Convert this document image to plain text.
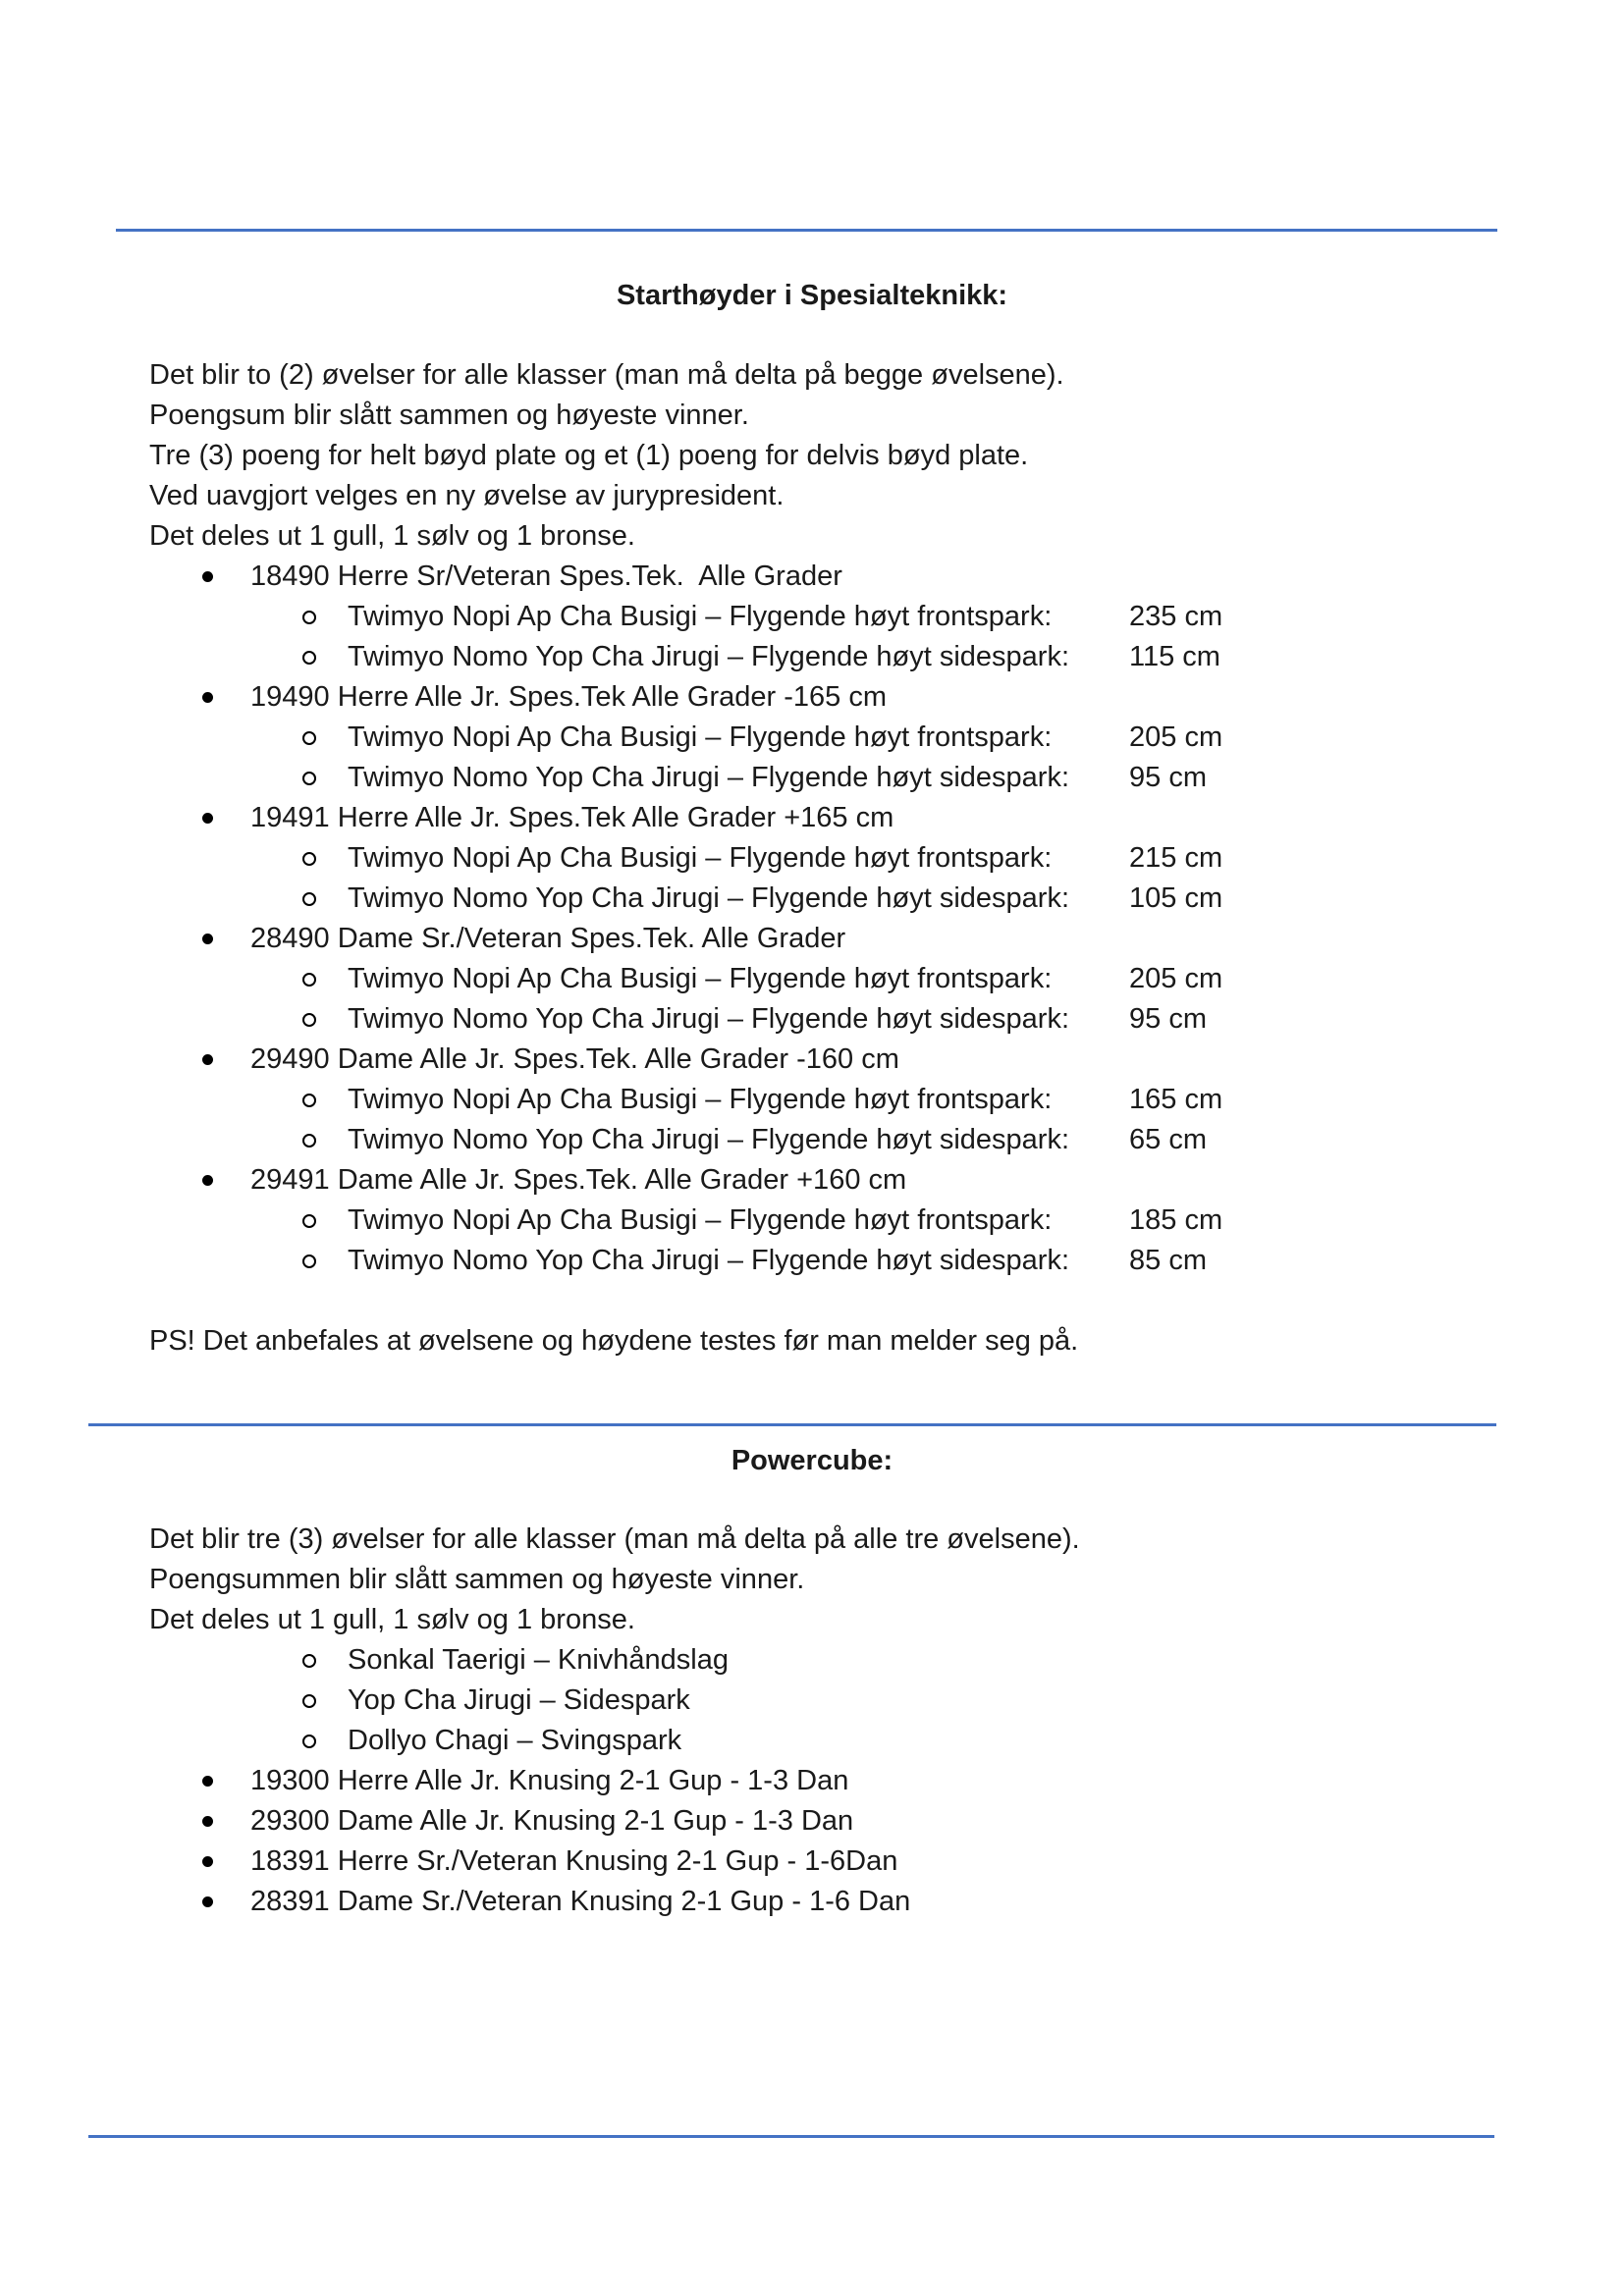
Starthøyder i Spesialteknikk:
Det blir to (2) øvelser for alle klasser (man må delta på begge øvelsene).
Poengsum blir slått sammen og høyeste vinner.
Tre (3) poeng for helt bøyd plate og et (1) poeng for delvis bøyd plate.
Ved uavgjort velges en ny øvelse av jurypresident.
Det deles ut 1 gull, 1 sølv og 1 bronse.
18490 Herre Sr/Veteran Spes.Tek.  Alle Grader
Twimyo Nopi Ap Cha Busigi – Flygende høyt frontspark:	235 cm
Twimyo Nomo Yop Cha Jirugi – Flygende høyt sidespark: 115 cm
19490 Herre Alle Jr. Spes.Tek Alle Grader -165 cm
Twimyo Nopi Ap Cha Busigi – Flygende høyt frontspark:	205 cm
Twimyo Nomo Yop Cha Jirugi – Flygende høyt sidespark: 95 cm
19491 Herre Alle Jr. Spes.Tek Alle Grader +165 cm
Twimyo Nopi Ap Cha Busigi – Flygende høyt frontspark:	215 cm
Twimyo Nomo Yop Cha Jirugi – Flygende høyt sidespark: 105 cm
28490 Dame Sr./Veteran Spes.Tek. Alle Grader
Twimyo Nopi Ap Cha Busigi – Flygende høyt frontspark:	205 cm
Twimyo Nomo Yop Cha Jirugi – Flygende høyt sidespark: 95 cm
29490 Dame Alle Jr. Spes.Tek. Alle Grader -160 cm
Twimyo Nopi Ap Cha Busigi – Flygende høyt frontspark:	165 cm
Twimyo Nomo Yop Cha Jirugi – Flygende høyt sidespark: 65 cm
29491 Dame Alle Jr. Spes.Tek. Alle Grader +160 cm
Twimyo Nopi Ap Cha Busigi – Flygende høyt frontspark:	185 cm
Twimyo Nomo Yop Cha Jirugi – Flygende høyt sidespark: 85 cm
PS! Det anbefales at øvelsene og høydene testes før man melder seg på.
Powercube:
Det blir tre (3) øvelser for alle klasser (man må delta på alle tre øvelsene).
Poengsummen blir slått sammen og høyeste vinner.
Det deles ut 1 gull, 1 sølv og 1 bronse.
Sonkal Taerigi – Knivhåndslag
Yop Cha Jirugi – Sidespark
Dollyo Chagi – Svingspark
19300 Herre Alle Jr. Knusing 2-1 Gup - 1-3 Dan
29300 Dame Alle Jr. Knusing 2-1 Gup - 1-3 Dan
18391 Herre Sr./Veteran Knusing 2-1 Gup - 1-6Dan
28391 Dame Sr./Veteran Knusing 2-1 Gup - 1-6 Dan
